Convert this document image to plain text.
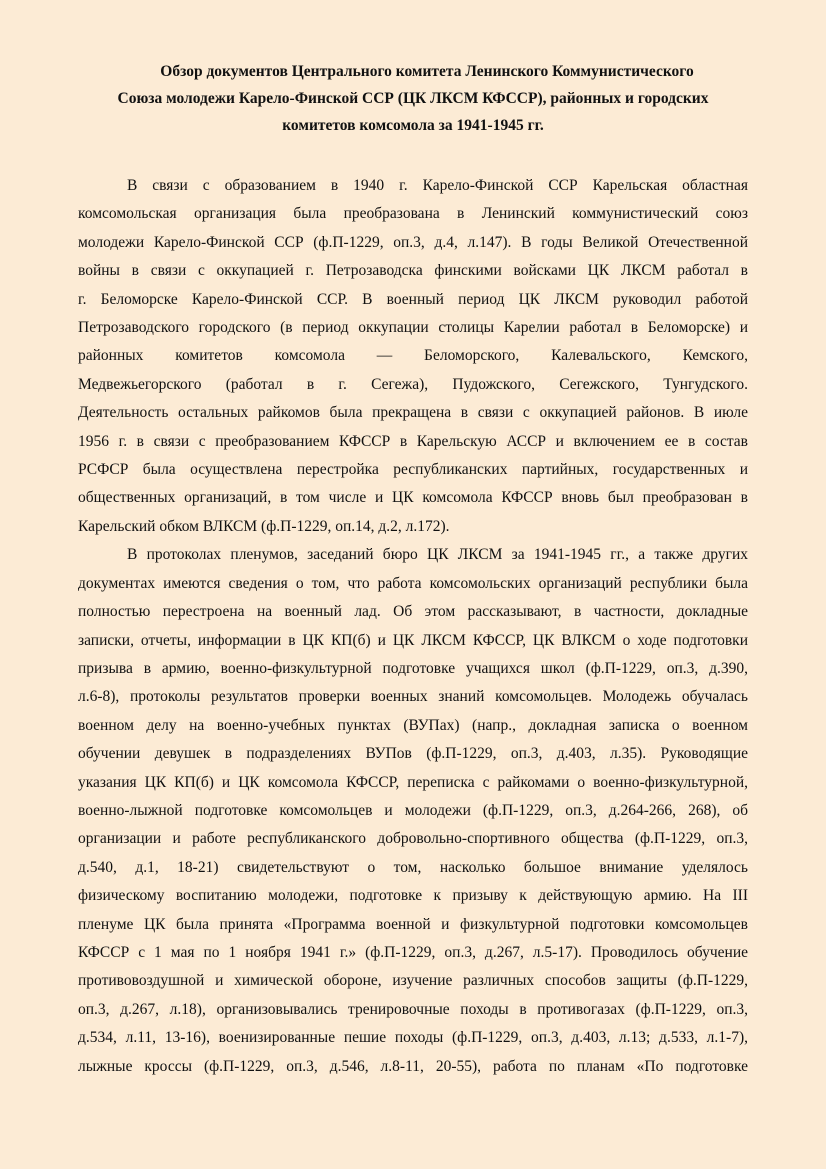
Обзор документов Центрального комитета Ленинского Коммунистического
Союза молодежи Карело-Финской ССР (ЦК ЛКСМ КФССР), районных и городских
комитетов комсомола за 1941-1945 гг.
В связи с образованием в 1940 г. Карело-Финской ССР Карельская областная
комсомольская организация была преобразована в Ленинский коммунистический союз
молодежи Карело-Финской ССР (ф.П-1229, оп.3, д.4, л.147). В годы Великой Отечественной
войны в связи с оккупацией г. Петрозаводска финскими войсками ЦК ЛКСМ работал в
г. Беломорске Карело-Финской ССР. В военный период ЦК ЛКСМ руководил работой
Петрозаводского городского (в период оккупации столицы Карелии работал в Беломорске) и
районных комитетов комсомола — Беломорского, Калевальского, Кемского,
Медвежьегорского (работал в г. Сегежа), Пудожского, Сегежского, Тунгудского.
Деятельность остальных райкомов была прекращена в связи с оккупацией районов. В июле
1956 г. в связи с преобразованием КФССР в Карельскую АССР и включением ее в состав
РСФСР была осуществлена перестройка республиканских партийных, государственных и
общественных организаций, в том числе и ЦК комсомола КФССР вновь был преобразован в
Карельский обком ВЛКСМ (ф.П-1229, оп.14, д.2, л.172).
В протоколах пленумов, заседаний бюро ЦК ЛКСМ за 1941-1945 гг., а также других
документах имеются сведения о том, что работа комсомольских организаций республики была
полностью перестроена на военный лад. Об этом рассказывают, в частности, докладные
записки, отчеты, информации в ЦК КП(б) и ЦК ЛКСМ КФССР, ЦК ВЛКСМ о ходе подготовки
призыва в армию, военно-физкультурной подготовке учащихся школ (ф.П-1229, оп.3, д.390,
л.6-8), протоколы результатов проверки военных знаний комсомольцев. Молодежь обучалась
военном делу на военно-учебных пунктах (ВУПах) (напр., докладная записка о военном
обучении девушек в подразделениях ВУПов (ф.П-1229, оп.3, д.403, л.35). Руководящие
указания ЦК КП(б) и ЦК комсомола КФССР, переписка с райкомами о военно-физкультурной,
военно-лыжной подготовке комсомольцев и молодежи (ф.П-1229, оп.3, д.264-266, 268), об
организации и работе республиканского добровольно-спортивного общества (ф.П-1229, оп.3,
д.540, д.1, 18-21) свидетельствуют о том, насколько большое внимание уделялось
физическому воспитанию молодежи, подготовке к призыву к действующую армию. На III
пленуме ЦК была принята «Программа военной и физкультурной подготовки комсомольцев
КФССР с 1 мая по 1 ноября 1941 г.» (ф.П-1229, оп.3, д.267, л.5-17). Проводилось обучение
противовоздушной и химической обороне, изучение различных способов защиты (ф.П-1229,
оп.3, д.267, л.18), организовывались тренировочные походы в противогазах (ф.П-1229, оп.3,
д.534, л.11, 13-16), военизированные пешие походы (ф.П-1229, оп.3, д.403, л.13; д.533, л.1-7),
лыжные кроссы (ф.П-1229, оп.3, д.546, л.8-11, 20-55), работа по планам «По подготовке
